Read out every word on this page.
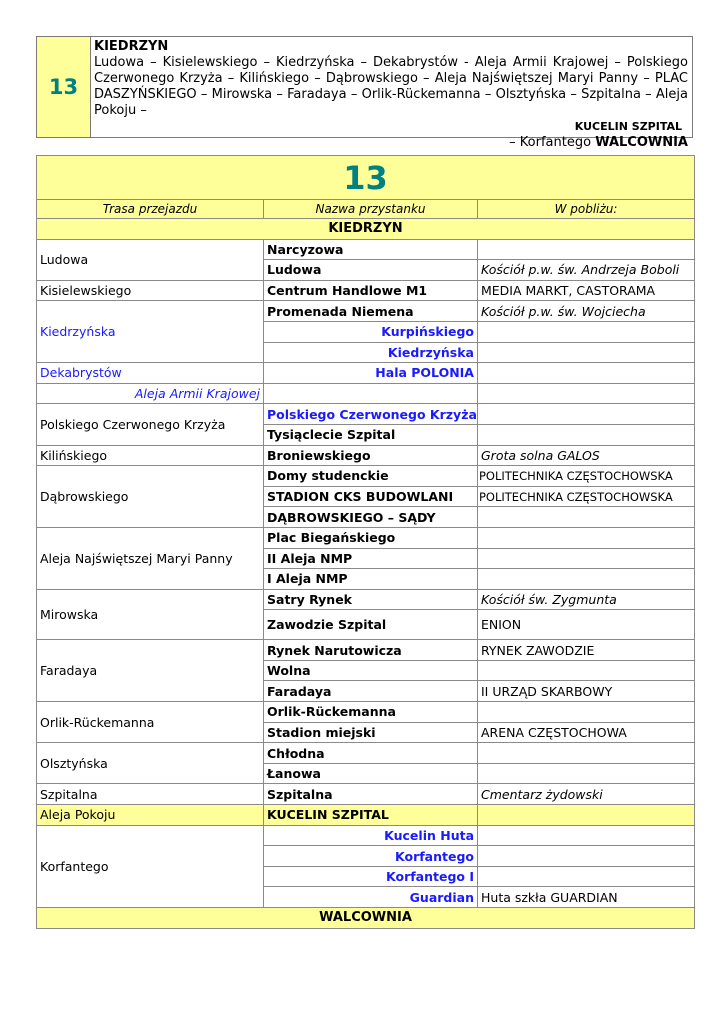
13
KIEDRZYN
Ludowa – Kisielewskiego – Kiedrzyńska – Dekabrystów - Aleja Armii Krajowej – Polskiego Czerwonego Krzyża – Kilińskiego – Dąbrowskiego – Aleja Najświętszej Maryi Panny – PLAC DASZYŃSKIEGO – Mirowska – Faradaya – Orlik-Rückemanna – Olsztyńska – Szpitalna – Aleja Pokoju –
KUCELIN SZPITAL
– Korfantego WALCOWNIA
13		
Trasa przejazdu	Nazwa przystanku	W pobliżu:
KIEDRZYN		
Ludowa	Narcyzowa	
	Ludowa	Kościół p.w. św. Andrzeja Boboli
Kisielewskiego	Centrum Handlowe M1	MEDIA MARKT, CASTORAMA
Kiedrzyńska	Promenada Niemena	Kościół p.w. św. Wojciecha
	Kurpińskiego	
	Kiedrzyńska	
Dekabrystów	Hala POLONIA	
Aleja Armii Krajowej		
Polskiego Czerwonego Krzyża	Polskiego Czerwonego Krzyża	
	Tysiąclecie Szpital	
Kilińskiego	Broniewskiego	Grota solna GALOS
Dąbrowskiego	Domy studenckie	POLITECHNIKA CZĘSTOCHOWSKA
	STADION CKS BUDOWLANI	POLITECHNIKA CZĘSTOCHOWSKA
	DĄBROWSKIEGO – SĄDY	
Aleja Najświętszej Maryi Panny	Plac Biegańskiego	
	II Aleja NMP	
	I Aleja NMP	
Mirowska	Satry Rynek	Kościół św. Zygmunta
	Zawodzie Szpital	ENION
Faradaya	Rynek Narutowicza	RYNEK ZAWODZIE
	Wolna	
	Faradaya	II URZĄD SKARBOWY
Orlik-Rückemanna	Orlik-Rückemanna	
	Stadion miejski	ARENA CZĘSTOCHOWA
Olsztyńska	Chłodna	
	Łanowa	
Szpitalna	Szpitalna	Cmentarz żydowski
Aleja Pokoju	KUCELIN SZPITAL	
Korfantego	Kucelin Huta	
	Korfantego	
	Korfantego I	
	Guardian	Huta szkła GUARDIAN
WALCOWNIA		
